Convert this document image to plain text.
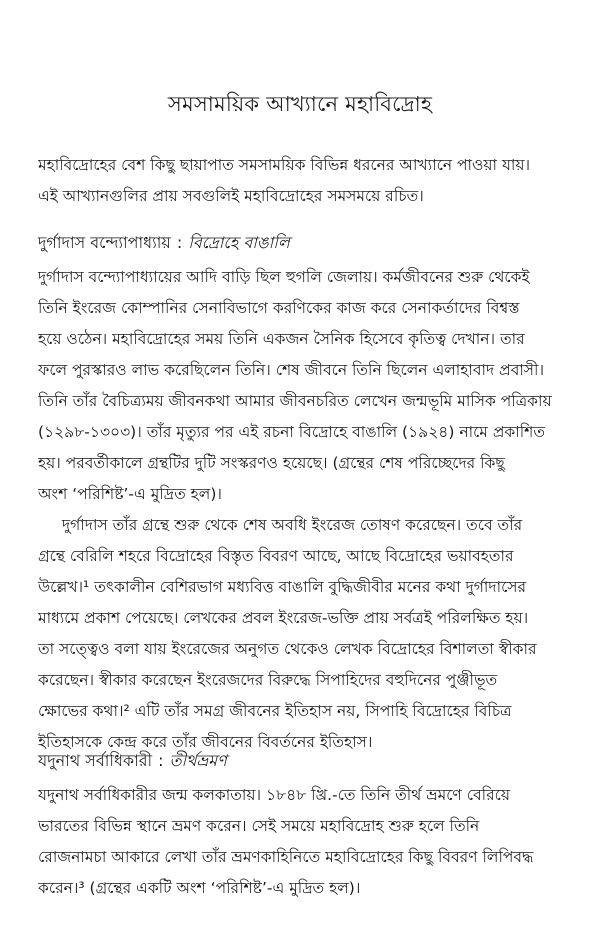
সমসাময়িক আখ্যানে মহাবিদ্রোহ

মহাবিদ্রোহের বেশ কিছু ছায়াপাত সমসাময়িক বিভিন্ন ধরনের আখ্যানে পাওয়া যায়।
এই আখ্যানগুলির প্রায় সবগুলিই মহাবিদ্রোহের সমসময়ে রচিত।

দুর্গাদাস বন্দ্যোপাধ্যায় : বিদ্রোহে বাঙালি

দুর্গাদাস বন্দ্যোপাধ্যায়ের আদি বাড়ি ছিল হুগলি জেলায়। কর্মজীবনের শুরু থেকেই
তিনি ইংরেজ কোম্পানির সেনাবিভাগে করণিকের কাজ করে সেনাকর্তাদের বিশ্বস্ত
হয়ে ওঠেন। মহাবিদ্রোহের সময় তিনি একজন সৈনিক হিসেবে কৃতিত্ব দেখান। তার
ফলে পুরস্কারও লাভ করেছিলেন তিনি। শেষ জীবনে তিনি ছিলেন এলাহাবাদ প্রবাসী।
তিনি তাঁর বৈচিত্র্যময় জীবনকথা আমার জীবনচরিত লেখেন জন্মভূমি মাসিক পত্রিকায়
(১২৯৮-১৩০৩)। তাঁর মৃত্যুর পর এই রচনা বিদ্রোহে বাঙালি (১৯২৪) নামে প্রকাশিত
হয়। পরবর্তীকালে গ্রন্থটির দুটি সংস্করণও হয়েছে। (গ্রন্থের শেষ পরিচ্ছেদের কিছু
অংশ ‘পরিশিষ্ট’-এ মুদ্রিত হল)।

দুর্গাদাস তাঁর গ্রন্থে শুরু থেকে শেষ অবধি ইংরেজ তোষণ করেছেন। তবে তাঁর
গ্রন্থে বেরিলি শহরে বিদ্রোহের বিস্তৃত বিবরণ আছে, আছে বিদ্রোহের ভয়াবহতার
উল্লেখ।¹ তৎকালীন বেশিরভাগ মধ্যবিত্ত বাঙালি বুদ্ধিজীবীর মনের কথা দুর্গাদাসের
মাধ্যমে প্রকাশ পেয়েছে। লেখকের প্রবল ইংরেজ-ভক্তি প্রায় সর্বত্রই পরিলক্ষিত হয়।
তা সত্ত্বেও বলা যায় ইংরেজের অনুগত থেকেও লেখক বিদ্রোহের বিশালতা স্বীকার
করেছেন। স্বীকার করেছেন ইংরেজদের বিরুদ্ধে সিপাহিদের বহুদিনের পুঞ্জীভূত
ক্ষোভের কথা।² এটি তাঁর সমগ্র জীবনের ইতিহাস নয়, সিপাহি বিদ্রোহের বিচিত্র
ইতিহাসকে কেন্দ্র করে তাঁর জীবনের বিবর্তনের ইতিহাস।

যদুনাথ সর্বাধিকারী : তীর্থভ্রমণ

যদুনাথ সর্বাধিকারীর জন্ম কলকাতায়। ১৮৪৮ খ্রি.-তে তিনি তীর্থ ভ্রমণে বেরিয়ে
ভারতের বিভিন্ন স্থানে ভ্রমণ করেন। সেই সময়ে মহাবিদ্রোহ শুরু হলে তিনি
রোজনামচা আকারে লেখা তাঁর ভ্রমণকাহিনিতে মহাবিদ্রোহের কিছু বিবরণ লিপিবদ্ধ
করেন।³ (গ্রন্থের একটি অংশ ‘পরিশিষ্ট’-এ মুদ্রিত হল)।
